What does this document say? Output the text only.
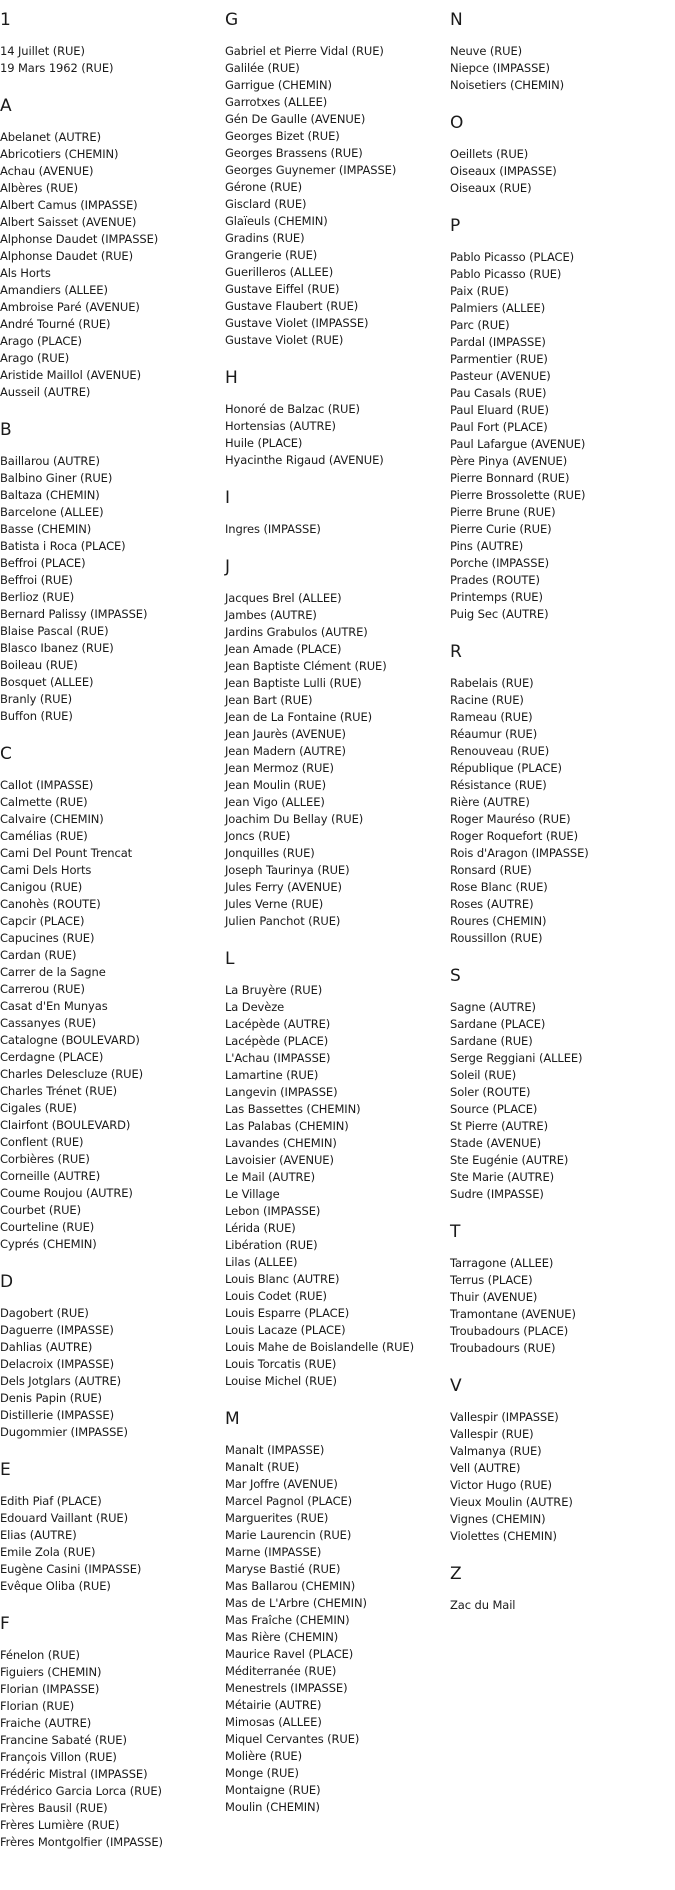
1
14 Juillet (RUE)
19 Mars 1962 (RUE)
A
Abelanet (AUTRE)
Abricotiers (CHEMIN)
Achau (AVENUE)
Albères (RUE)
Albert Camus (IMPASSE)
Albert Saisset (AVENUE)
Alphonse Daudet (IMPASSE)
Alphonse Daudet (RUE)
Als Horts
Amandiers (ALLEE)
Ambroise Paré (AVENUE)
André Tourné (RUE)
Arago (PLACE)
Arago (RUE)
Aristide Maillol (AVENUE)
Ausseil (AUTRE)
B
Baillarou (AUTRE)
Balbino Giner (RUE)
Baltaza (CHEMIN)
Barcelone (ALLEE)
Basse (CHEMIN)
Batista i Roca (PLACE)
Beffroi (PLACE)
Beffroi (RUE)
Berlioz (RUE)
Bernard Palissy (IMPASSE)
Blaise Pascal (RUE)
Blasco Ibanez (RUE)
Boileau (RUE)
Bosquet (ALLEE)
Branly (RUE)
Buffon (RUE)
C
Callot (IMPASSE)
Calmette (RUE)
Calvaire (CHEMIN)
Camélias (RUE)
Cami Del Pount Trencat
Cami Dels Horts
Canigou (RUE)
Canohès (ROUTE)
Capcir (PLACE)
Capucines (RUE)
Cardan (RUE)
Carrer de la Sagne
Carrerou (RUE)
Casat d'En Munyas
Cassanyes (RUE)
Catalogne (BOULEVARD)
Cerdagne (PLACE)
Charles Delescluze (RUE)
Charles Trénet (RUE)
Cigales (RUE)
Clairfont (BOULEVARD)
Conflent (RUE)
Corbières (RUE)
Corneille (AUTRE)
Coume Roujou (AUTRE)
Courbet (RUE)
Courteline (RUE)
Cyprés (CHEMIN)
D
Dagobert (RUE)
Daguerre (IMPASSE)
Dahlias (AUTRE)
Delacroix (IMPASSE)
Dels Jotglars (AUTRE)
Denis Papin (RUE)
Distillerie (IMPASSE)
Dugommier (IMPASSE)
E
Edith Piaf (PLACE)
Edouard Vaillant (RUE)
Elias (AUTRE)
Emile Zola (RUE)
Eugène Casini (IMPASSE)
Evêque Oliba (RUE)
F
Fénelon (RUE)
Figuiers (CHEMIN)
Florian (IMPASSE)
Florian (RUE)
Fraiche (AUTRE)
Francine Sabaté (RUE)
François Villon (RUE)
Frédéric Mistral (IMPASSE)
Frédérico Garcia Lorca (RUE)
Frères Bausil (RUE)
Frères Lumière (RUE)
Frères Montgolfier (IMPASSE)
G
Gabriel et Pierre Vidal (RUE)
Galilée (RUE)
Garrigue (CHEMIN)
Garrotxes (ALLEE)
Gén De Gaulle (AVENUE)
Georges Bizet (RUE)
Georges Brassens (RUE)
Georges Guynemer (IMPASSE)
Gérone (RUE)
Gisclard (RUE)
Glaïeuls (CHEMIN)
Gradins (RUE)
Grangerie (RUE)
Guerilleros (ALLEE)
Gustave Eiffel (RUE)
Gustave Flaubert (RUE)
Gustave Violet (IMPASSE)
Gustave Violet (RUE)
H
Honoré de Balzac (RUE)
Hortensias (AUTRE)
Huile (PLACE)
Hyacinthe Rigaud (AVENUE)
I
Ingres (IMPASSE)
J
Jacques Brel (ALLEE)
Jambes (AUTRE)
Jardins Grabulos (AUTRE)
Jean Amade (PLACE)
Jean Baptiste Clément (RUE)
Jean Baptiste Lulli (RUE)
Jean Bart (RUE)
Jean de La Fontaine (RUE)
Jean Jaurès (AVENUE)
Jean Madern (AUTRE)
Jean Mermoz (RUE)
Jean Moulin (RUE)
Jean Vigo (ALLEE)
Joachim Du Bellay (RUE)
Joncs (RUE)
Jonquilles (RUE)
Joseph Taurinya (RUE)
Jules Ferry (AVENUE)
Jules Verne (RUE)
Julien Panchot (RUE)
L
La Bruyère (RUE)
La Devèze
Lacépède (AUTRE)
Lacépède (PLACE)
L'Achau (IMPASSE)
Lamartine (RUE)
Langevin (IMPASSE)
Las Bassettes (CHEMIN)
Las Palabas (CHEMIN)
Lavandes (CHEMIN)
Lavoisier (AVENUE)
Le Mail (AUTRE)
Le Village
Lebon (IMPASSE)
Lérida (RUE)
Libération (RUE)
Lilas (ALLEE)
Louis Blanc (AUTRE)
Louis Codet (RUE)
Louis Esparre (PLACE)
Louis Lacaze (PLACE)
Louis Mahe de Boislandelle (RUE)
Louis Torcatis (RUE)
Louise Michel (RUE)
M
Manalt (IMPASSE)
Manalt (RUE)
Mar Joffre (AVENUE)
Marcel Pagnol (PLACE)
Marguerites (RUE)
Marie Laurencin (RUE)
Marne (IMPASSE)
Maryse Bastié (RUE)
Mas Ballarou (CHEMIN)
Mas de L'Arbre (CHEMIN)
Mas Fraîche (CHEMIN)
Mas Rière (CHEMIN)
Maurice Ravel (PLACE)
Méditerranée (RUE)
Menestrels (IMPASSE)
Métairie (AUTRE)
Mimosas (ALLEE)
Miquel Cervantes (RUE)
Molière (RUE)
Monge (RUE)
Montaigne (RUE)
Moulin (CHEMIN)
N
Neuve (RUE)
Niepce (IMPASSE)
Noisetiers (CHEMIN)
O
Oeillets (RUE)
Oiseaux (IMPASSE)
Oiseaux (RUE)
P
Pablo Picasso (PLACE)
Pablo Picasso (RUE)
Paix (RUE)
Palmiers (ALLEE)
Parc (RUE)
Pardal (IMPASSE)
Parmentier (RUE)
Pasteur (AVENUE)
Pau Casals (RUE)
Paul Eluard (RUE)
Paul Fort (PLACE)
Paul Lafargue (AVENUE)
Père Pinya (AVENUE)
Pierre Bonnard (RUE)
Pierre Brossolette (RUE)
Pierre Brune (RUE)
Pierre Curie (RUE)
Pins (AUTRE)
Porche (IMPASSE)
Prades (ROUTE)
Printemps (RUE)
Puig Sec (AUTRE)
R
Rabelais (RUE)
Racine (RUE)
Rameau (RUE)
Réaumur (RUE)
Renouveau (RUE)
République (PLACE)
Résistance (RUE)
Rière (AUTRE)
Roger Mauréso (RUE)
Roger Roquefort (RUE)
Rois d'Aragon (IMPASSE)
Ronsard (RUE)
Rose Blanc (RUE)
Roses (AUTRE)
Roures (CHEMIN)
Roussillon (RUE)
S
Sagne (AUTRE)
Sardane (PLACE)
Sardane (RUE)
Serge Reggiani (ALLEE)
Soleil (RUE)
Soler (ROUTE)
Source (PLACE)
St Pierre (AUTRE)
Stade (AVENUE)
Ste Eugénie (AUTRE)
Ste Marie (AUTRE)
Sudre (IMPASSE)
T
Tarragone (ALLEE)
Terrus (PLACE)
Thuir (AVENUE)
Tramontane (AVENUE)
Troubadours (PLACE)
Troubadours (RUE)
V
Vallespir (IMPASSE)
Vallespir (RUE)
Valmanya (RUE)
Vell (AUTRE)
Victor Hugo (RUE)
Vieux Moulin (AUTRE)
Vignes (CHEMIN)
Violettes (CHEMIN)
Z
Zac du Mail
